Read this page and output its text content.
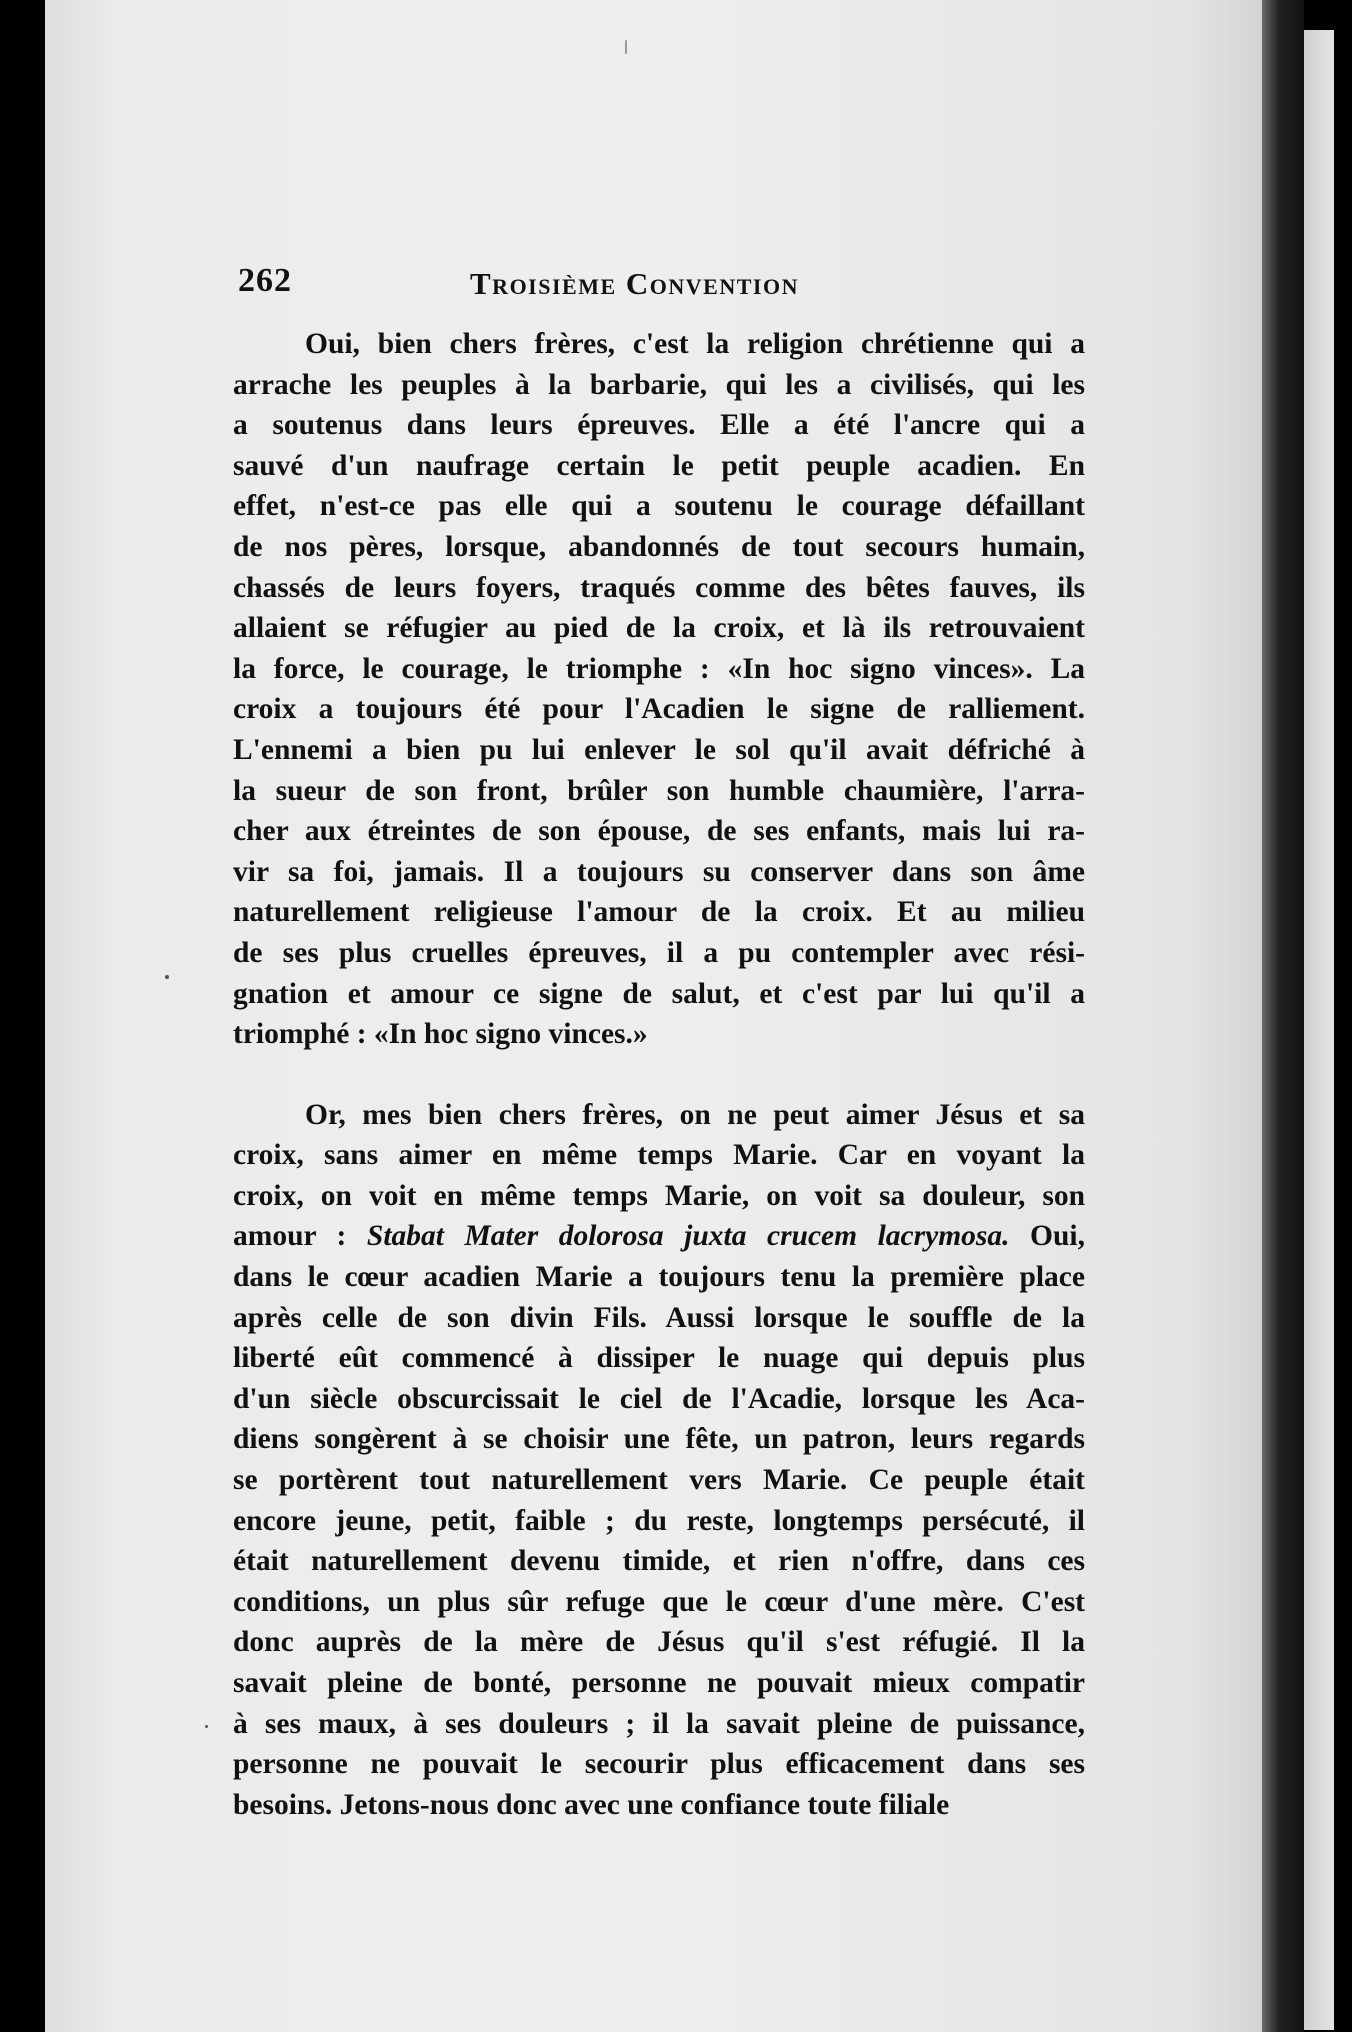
262	Troisième Convention
Oui, bien chers frères, c'est la religion chrétienne qui a
arrache les peuples à la barbarie, qui les a civilisés, qui les
a soutenus dans leurs épreuves. Elle a été l'ancre qui a
sauvé d'un naufrage certain le petit peuple acadien. En
effet, n'est-ce pas elle qui a soutenu le courage défaillant
de nos pères, lorsque, abandonnés de tout secours humain,
chassés de leurs foyers, traqués comme des bêtes fauves, ils
allaient se réfugier au pied de la croix, et là ils retrouvaient
la force, le courage, le triomphe : «In hoc signo vinces». La
croix a toujours été pour l'Acadien le signe de ralliement.
L'ennemi a bien pu lui enlever le sol qu'il avait défriché à
la sueur de son front, brûler son humble chaumière, l'arra-
cher aux étreintes de son épouse, de ses enfants, mais lui ra-
vir sa foi, jamais. Il a toujours su conserver dans son âme
naturellement religieuse l'amour de la croix. Et au milieu
de ses plus cruelles épreuves, il a pu contempler avec rési-
gnation et amour ce signe de salut, et c'est par lui qu'il a
triomphé : «In hoc signo vinces.»
Or, mes bien chers frères, on ne peut aimer Jésus et sa
croix, sans aimer en même temps Marie. Car en voyant la
croix, on voit en même temps Marie, on voit sa douleur, son
amour : Stabat Mater dolorosa juxta crucem lacrymosa. Oui,
dans le cœur acadien Marie a toujours tenu la première place
après celle de son divin Fils. Aussi lorsque le souffle de la
liberté eût commencé à dissiper le nuage qui depuis plus
d'un siècle obscurcissait le ciel de l'Acadie, lorsque les Aca-
diens songèrent à se choisir une fête, un patron, leurs regards
se portèrent tout naturellement vers Marie. Ce peuple était
encore jeune, petit, faible ; du reste, longtemps persécuté, il
était naturellement devenu timide, et rien n'offre, dans ces
conditions, un plus sûr refuge que le cœur d'une mère. C'est
donc auprès de la mère de Jésus qu'il s'est réfugié. Il la
savait pleine de bonté, personne ne pouvait mieux compatir
à ses maux, à ses douleurs ; il la savait pleine de puissance,
personne ne pouvait le secourir plus efficacement dans ses
besoins. Jetons-nous donc avec une confiance toute filiale
